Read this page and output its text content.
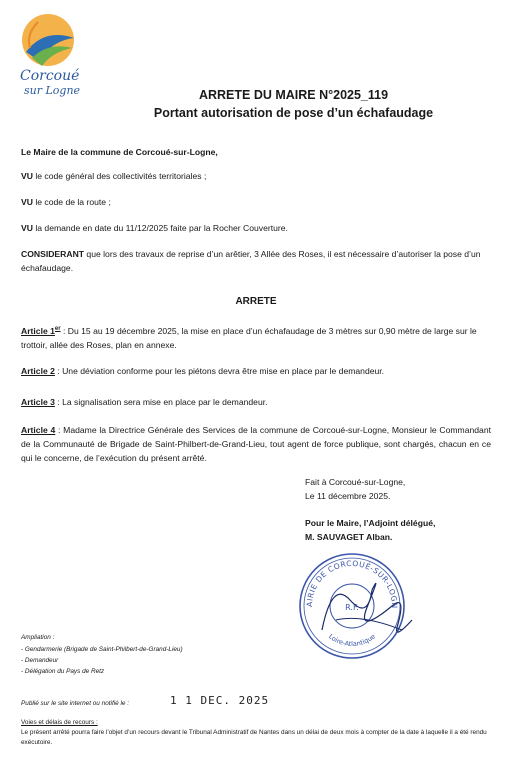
Corcoué
sur Logne	ARRETE DU MAIRE N°2025_119
Portant autorisation de pose d’un échafaudage
Le Maire de la commune de Corcoué-sur-Logne,
VU le code général des collectivités territoriales ;
VU le code de la route ;
VU la demande en date du 11/12/2025 faite par la Rocher Couverture.
CONSIDERANT que lors des travaux de reprise d’un arêtier, 3 Allée des Roses, il est nécessaire d’autoriser la pose d’un échafaudage.
ARRETE
Article 1er : Du 15 au 19 décembre 2025, la mise en place d’un échafaudage de 3 mètres sur 0,90 mètre de large sur le trottoir, allée des Roses, plan en annexe.
Article 2 : Une déviation conforme pour les piétons devra être mise en place par le demandeur.
Article 3 : La signalisation sera mise en place par le demandeur.
Article 4 : Madame la Directrice Générale des Services de la commune de Corcoué-sur-Logne, Monsieur le Commandant de la Communauté de Brigade de Saint-Philbert-de-Grand-Lieu, tout agent de force publique, sont chargés, chacun en ce qui le concerne, de l’exécution du présent arrêté.
Fait à Corcoué-sur-Logne,
Le 11 décembre 2025.
Pour le Maire, l’Adjoint délégué,
M. SAUVAGET Alban.
AIRIE DE CORCOUÉ-SUR-LOGN
Loire-Atlantique
R.F.
Ampliation :
- Gendarmerie (Brigade de Saint-Philbert-de-Grand-Lieu)
- Demandeur
- Délégation du Pays de Retz
Publié sur le site internet ou notifié le :	1 1 DEC. 2025
Voies et délais de recours :
Le présent arrêté pourra faire l’objet d’un recours devant le Tribunal Administratif de Nantes dans un délai de deux mois à compter de la date à laquelle il a été rendu exécutoire.
